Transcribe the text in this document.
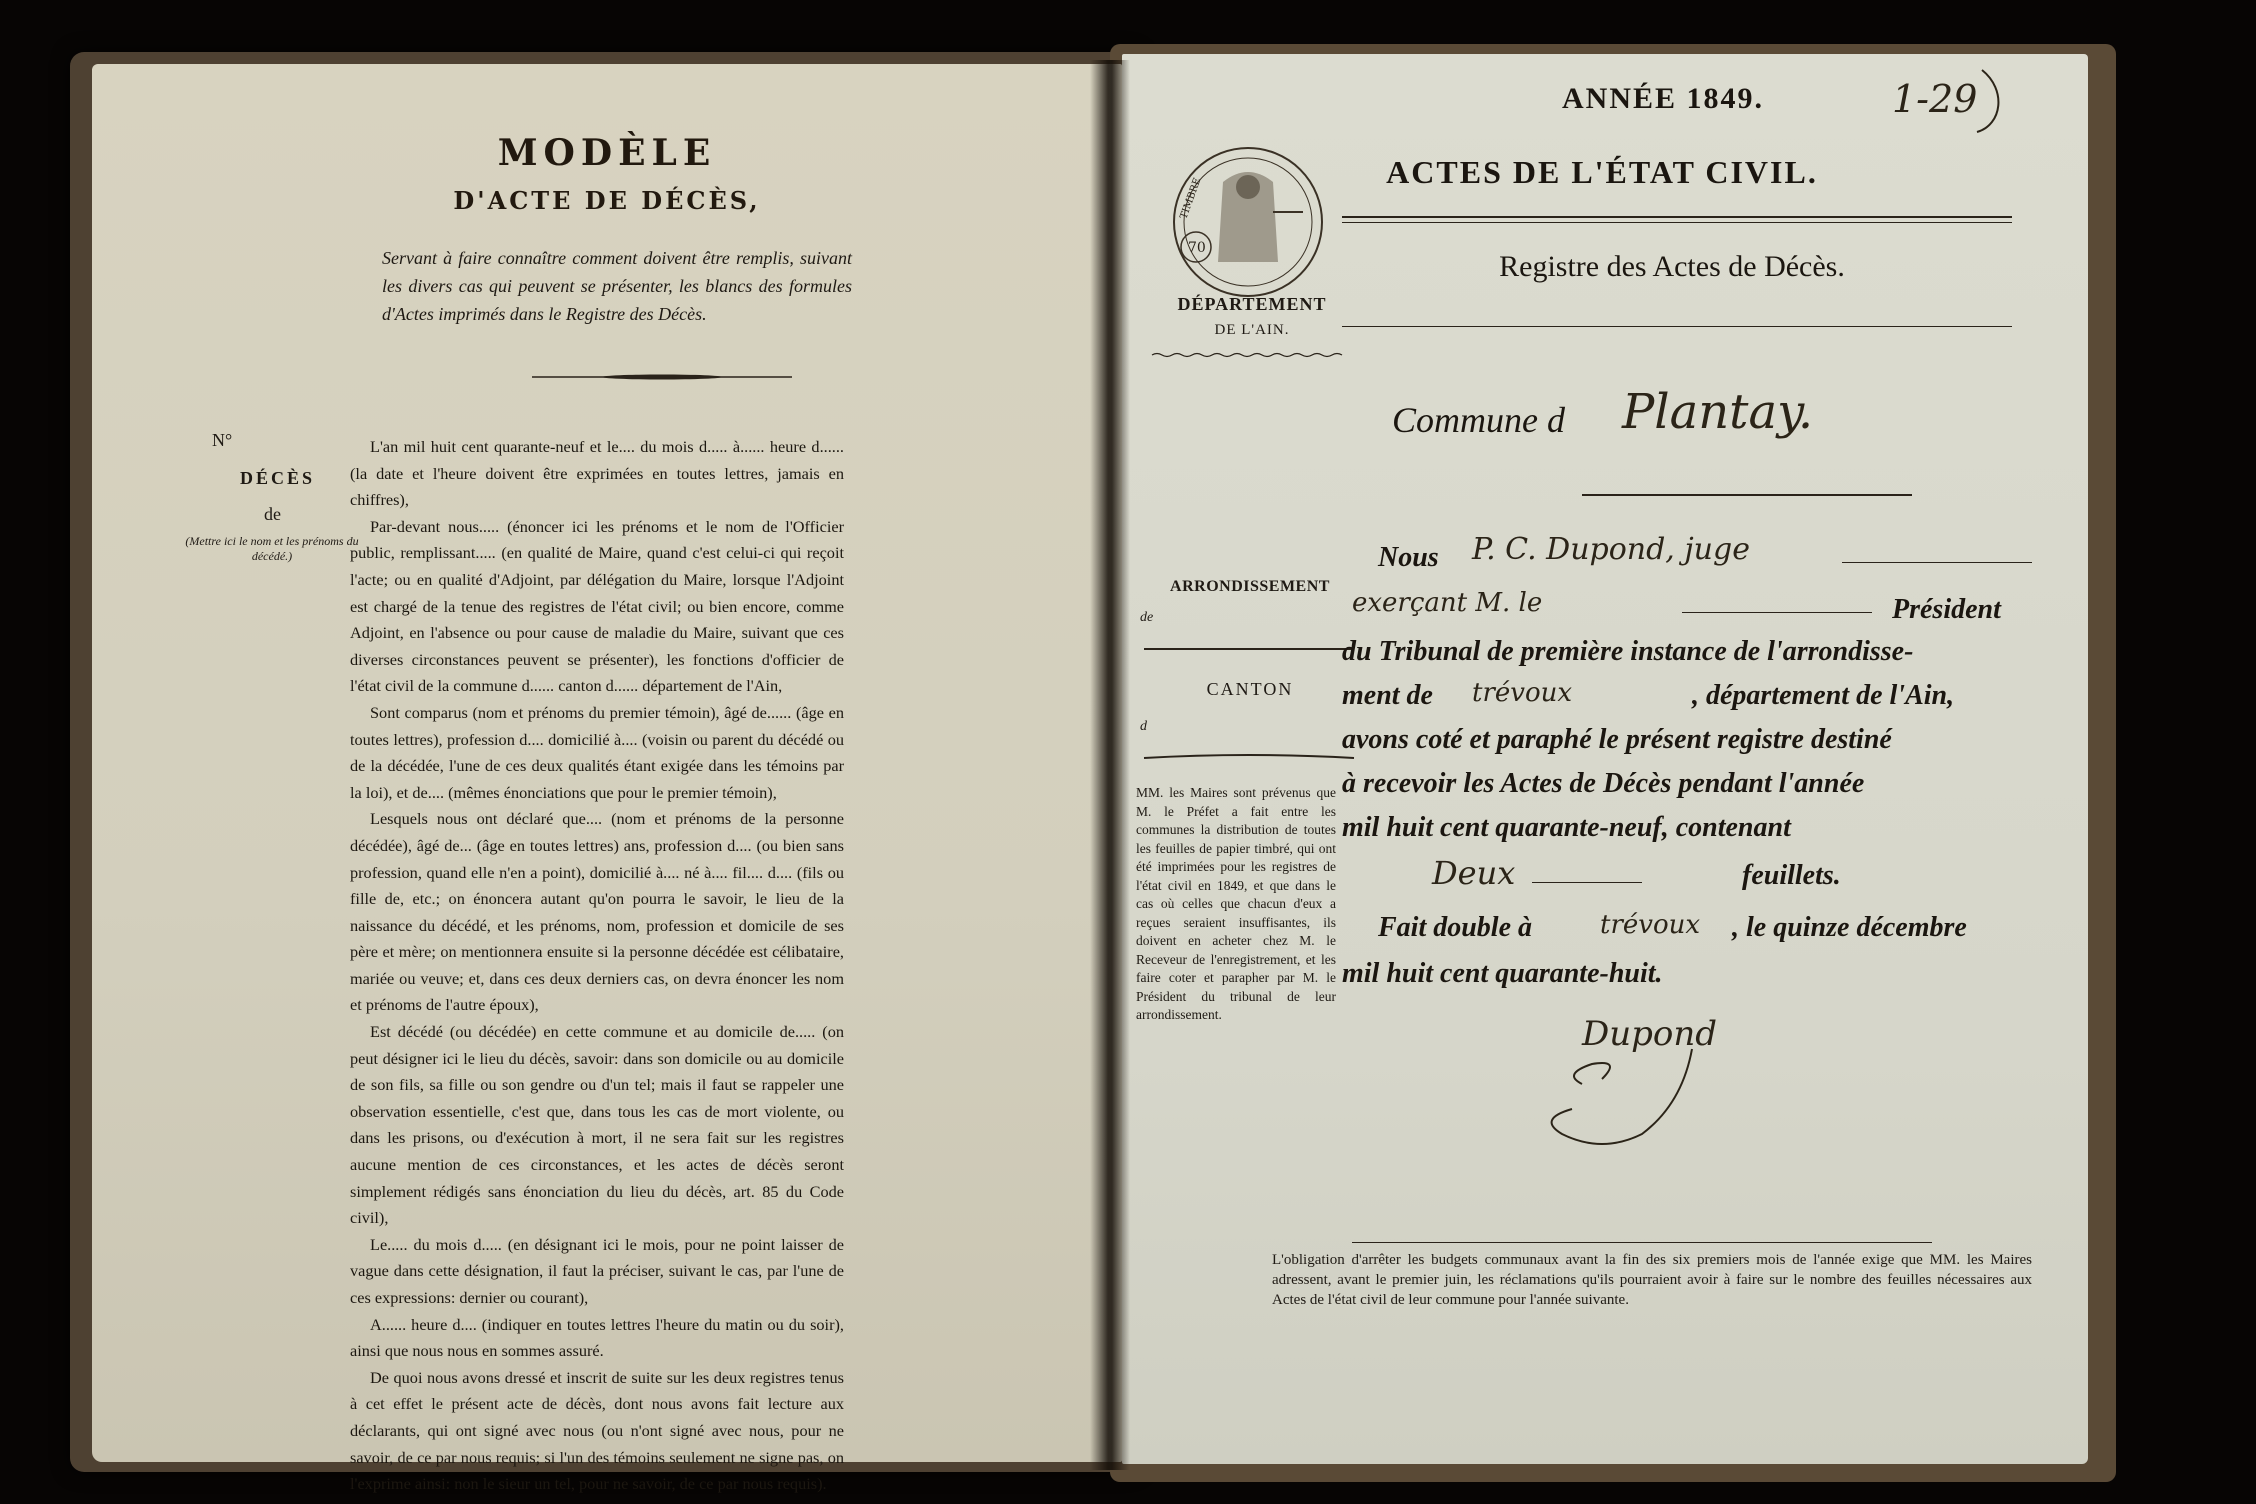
MODÈLE
D'ACTE DE DÉCÈS,
Servant à faire connaître comment doivent être remplis, suivant les divers cas qui peuvent se présenter, les blancs des formules d'Actes imprimés dans le Registre des Décès.
N°
DÉCÈS
de
(Mettre ici le nom et les prénoms du décédé.)
L'an mil huit cent quarante-neuf et le.... du mois d..... à...... heure d...... (la date et l'heure doivent être exprimées en toutes lettres, jamais en chiffres),
Par-devant nous..... (énoncer ici les prénoms et le nom de l'Officier public, remplissant..... (en qualité de Maire, quand c'est celui-ci qui reçoit l'acte; ou en qualité d'Adjoint, par délégation du Maire, lorsque l'Adjoint est chargé de la tenue des registres de l'état civil; ou bien encore, comme Adjoint, en l'absence ou pour cause de maladie du Maire, suivant que ces diverses circonstances peuvent se présenter), les fonctions d'officier de l'état civil de la commune d...... canton d...... département de l'Ain,
Sont comparus (nom et prénoms du premier témoin), âgé de...... (âge en toutes lettres), profession d.... domicilié à.... (voisin ou parent du décédé ou de la décédée, l'une de ces deux qualités étant exigée dans les témoins par la loi), et de.... (mêmes énonciations que pour le premier témoin),
Lesquels nous ont déclaré que.... (nom et prénoms de la personne décédée), âgé de... (âge en toutes lettres) ans, profession d.... (ou bien sans profession, quand elle n'en a point), domicilié à.... né à.... fil.... d.... (fils ou fille de, etc.; on énoncera autant qu'on pourra le savoir, le lieu de la naissance du décédé, et les prénoms, nom, profession et domicile de ses père et mère; on mentionnera ensuite si la personne décédée est célibataire, mariée ou veuve; et, dans ces deux derniers cas, on devra énoncer les nom et prénoms de l'autre époux),
Est décédé (ou décédée) en cette commune et au domicile de..... (on peut désigner ici le lieu du décès, savoir: dans son domicile ou au domicile de son fils, sa fille ou son gendre ou d'un tel; mais il faut se rappeler une observation essentielle, c'est que, dans tous les cas de mort violente, ou dans les prisons, ou d'exécution à mort, il ne sera fait sur les registres aucune mention de ces circonstances, et les actes de décès seront simplement rédigés sans énonciation du lieu du décès, art. 85 du Code civil),
Le..... du mois d..... (en désignant ici le mois, pour ne point laisser de vague dans cette désignation, il faut la préciser, suivant le cas, par l'une de ces expressions: dernier ou courant),
A...... heure d.... (indiquer en toutes lettres l'heure du matin ou du soir), ainsi que nous nous en sommes assuré.
De quoi nous avons dressé et inscrit de suite sur les deux registres tenus à cet effet le présent acte de décès, dont nous avons fait lecture aux déclarants, qui ont signé avec nous (ou n'ont signé avec nous, pour ne savoir, de ce par nous requis; si l'un des témoins seulement ne signe pas, on l'exprime ainsi: non le sieur un tel, pour ne savoir, de ce par nous requis).
ANNÉE 1849.	1-29
70
TIMBRE
DÉPARTEMENT
DE L'AIN.
ACTES DE L'ÉTAT CIVIL.
Registre des Actes de Décès.
Commune d Plantay.
ARRONDISSEMENT
de
CANTON
d
MM. les Maires sont prévenus que M. le Préfet a fait entre les communes la distribution de toutes les feuilles de papier timbré, qui ont été imprimées pour les registres de l'état civil en 1849, et que dans le cas où celles que chacun d'eux a reçues seraient insuffisantes, ils doivent en acheter chez M. le Receveur de l'enregistrement, et les faire coter et parapher par M. le Président du tribunal de leur arrondissement.
Nous P. C. Dupond, juge
exerçant M. le	Président
du Tribunal de première instance de l'arrondisse-
ment de trévoux	, département de l'Ain,
avons coté et paraphé le présent registre destiné
à recevoir les Actes de Décès pendant l'année
mil huit cent quarante-neuf, contenant
Deux	feuillets.
Fait double à	trévoux , le quinze décembre
mil huit cent quarante-huit.
Dupond
L'obligation d'arrêter les budgets communaux avant la fin des six premiers mois de l'année exige que MM. les Maires adressent, avant le premier juin, les réclamations qu'ils pourraient avoir à faire sur le nombre des feuilles nécessaires aux Actes de l'état civil de leur commune pour l'année suivante.
